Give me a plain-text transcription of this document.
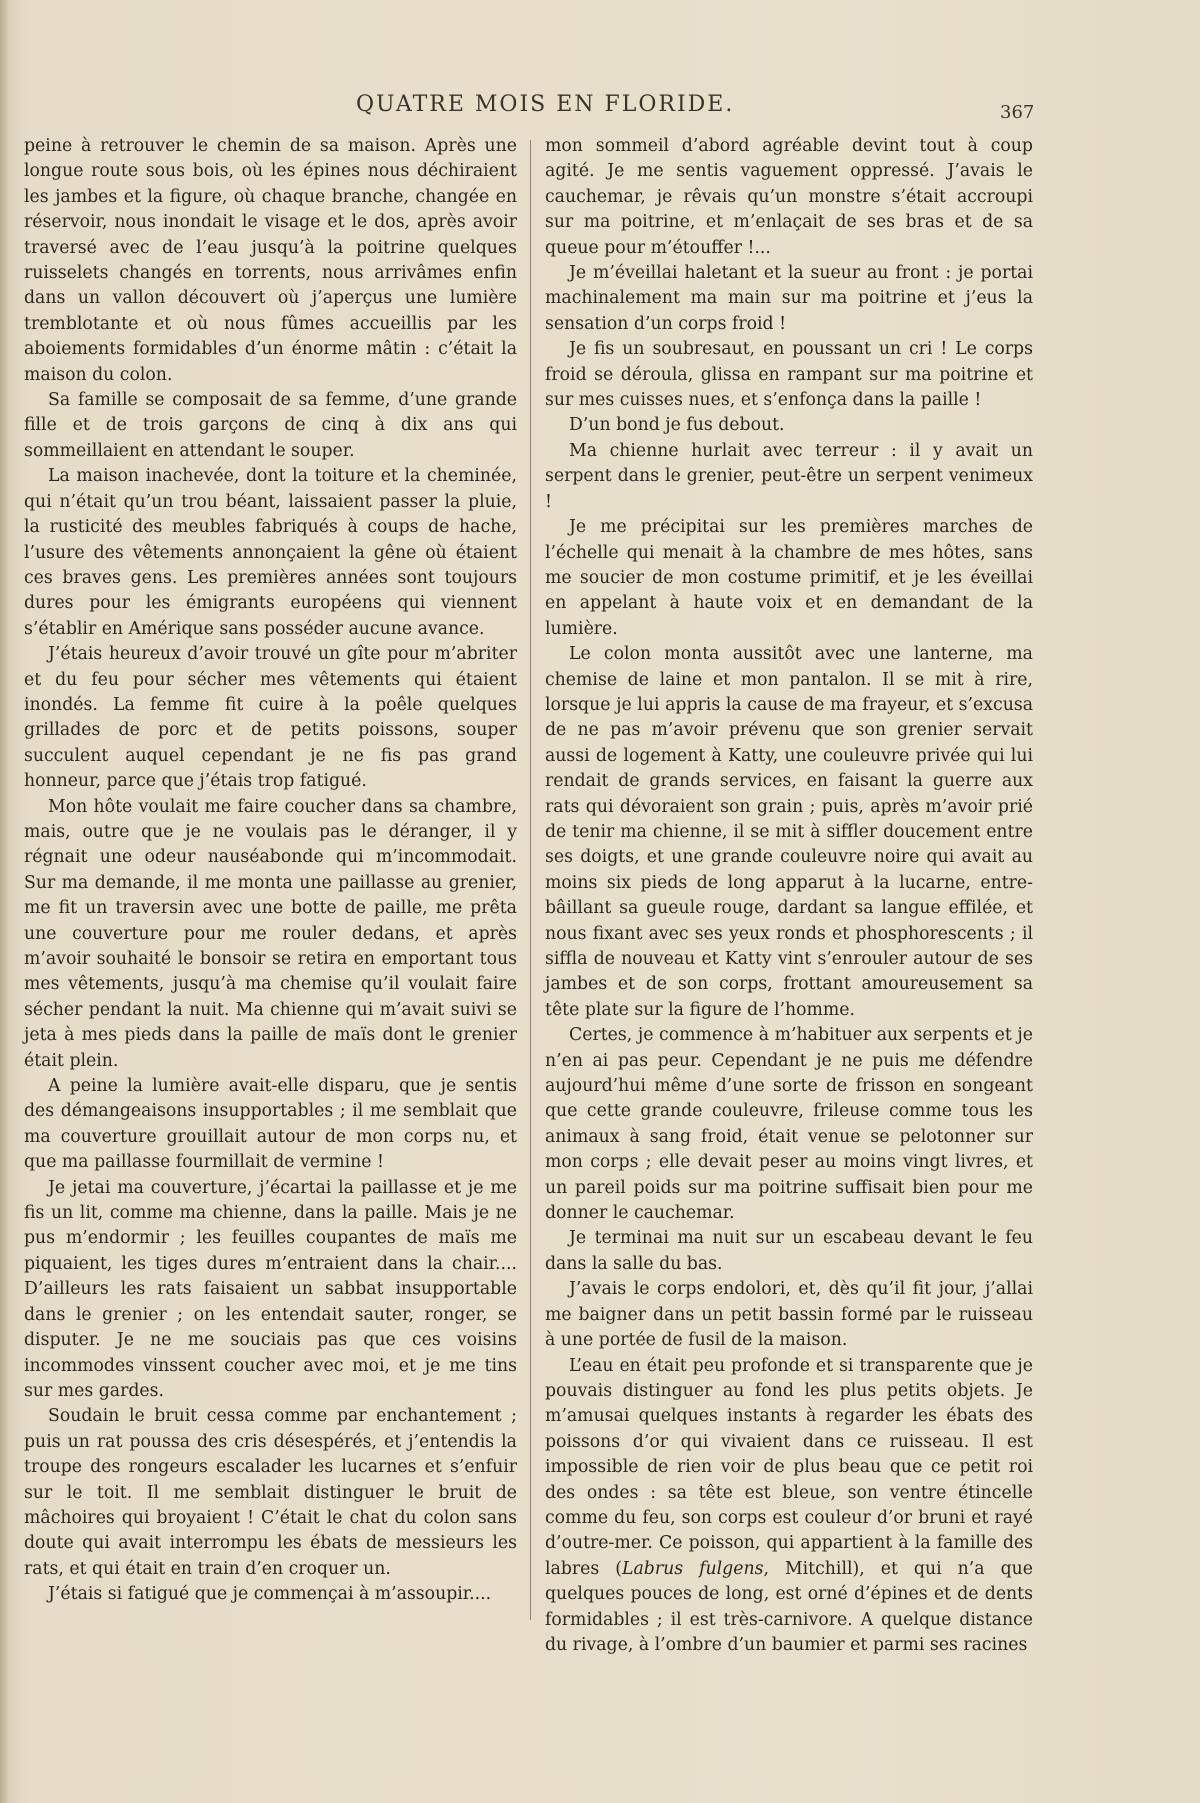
QUATRE MOIS EN FLORIDE.	367

peine à retrouver le chemin de sa maison. Après une longue route sous bois, où les épines nous déchiraient les jambes et la figure, où chaque branche, changée en réservoir, nous inondait le visage et le dos, après avoir traversé avec de l’eau jusqu’à la poitrine quelques ruisselets changés en torrents, nous arrivâmes enfin dans un vallon découvert où j’aperçus une lumière tremblotante et où nous fûmes accueillis par les aboiements formidables d’un énorme mâtin : c’était la maison du colon.

Sa famille se composait de sa femme, d’une grande fille et de trois garçons de cinq à dix ans qui sommeillaient en attendant le souper.

La maison inachevée, dont la toiture et la cheminée, qui n’était qu’un trou béant, laissaient passer la pluie, la rusticité des meubles fabriqués à coups de hache, l’usure des vêtements annonçaient la gêne où étaient ces braves gens. Les premières années sont toujours dures pour les émigrants européens qui viennent s’établir en Amérique sans posséder aucune avance.

J’étais heureux d’avoir trouvé un gîte pour m’abriter et du feu pour sécher mes vêtements qui étaient inondés. La femme fit cuire à la poêle quelques grillades de porc et de petits poissons, souper succulent auquel cependant je ne fis pas grand honneur, parce que j’étais trop fatigué.

Mon hôte voulait me faire coucher dans sa chambre, mais, outre que je ne voulais pas le déranger, il y régnait une odeur nauséabonde qui m’incommodait. Sur ma demande, il me monta une paillasse au grenier, me fit un traversin avec une botte de paille, me prêta une couverture pour me rouler dedans, et après m’avoir souhaité le bonsoir se retira en emportant tous mes vêtements, jusqu’à ma chemise qu’il voulait faire sécher pendant la nuit. Ma chienne qui m’avait suivi se jeta à mes pieds dans la paille de maïs dont le grenier était plein.

A peine la lumière avait-elle disparu, que je sentis des démangeaisons insupportables ; il me semblait que ma couverture grouillait autour de mon corps nu, et que ma paillasse fourmillait de vermine !

Je jetai ma couverture, j’écartai la paillasse et je me fis un lit, comme ma chienne, dans la paille. Mais je ne pus m’endormir ; les feuilles coupantes de maïs me piquaient, les tiges dures m’entraient dans la chair.... D’ailleurs les rats faisaient un sabbat insupportable dans le grenier ; on les entendait sauter, ronger, se disputer. Je ne me souciais pas que ces voisins incommodes vinssent coucher avec moi, et je me tins sur mes gardes.

Soudain le bruit cessa comme par enchantement ; puis un rat poussa des cris désespérés, et j’entendis la troupe des rongeurs escalader les lucarnes et s’enfuir sur le toit. Il me semblait distinguer le bruit de mâchoires qui broyaient ! C’était le chat du colon sans doute qui avait interrompu les ébats de messieurs les rats, et qui était en train d’en croquer un.

J’étais si fatigué que je commençai à m’assoupir....

mon sommeil d’abord agréable devint tout à coup agité. Je me sentis vaguement oppressé. J’avais le cauchemar, je rêvais qu’un monstre s’était accroupi sur ma poitrine, et m’enlaçait de ses bras et de sa queue pour m’étouffer !...

Je m’éveillai haletant et la sueur au front : je portai machinalement ma main sur ma poitrine et j’eus la sensation d’un corps froid !

Je fis un soubresaut, en poussant un cri ! Le corps froid se déroula, glissa en rampant sur ma poitrine et sur mes cuisses nues, et s’enfonça dans la paille !

D’un bond je fus debout.

Ma chienne hurlait avec terreur : il y avait un serpent dans le grenier, peut-être un serpent venimeux !

Je me précipitai sur les premières marches de l’échelle qui menait à la chambre de mes hôtes, sans me soucier de mon costume primitif, et je les éveillai en appelant à haute voix et en demandant de la lumière.

Le colon monta aussitôt avec une lanterne, ma chemise de laine et mon pantalon. Il se mit à rire, lorsque je lui appris la cause de ma frayeur, et s’excusa de ne pas m’avoir prévenu que son grenier servait aussi de logement à Katty, une couleuvre privée qui lui rendait de grands services, en faisant la guerre aux rats qui dévoraient son grain ; puis, après m’avoir prié de tenir ma chienne, il se mit à siffler doucement entre ses doigts, et une grande couleuvre noire qui avait au moins six pieds de long apparut à la lucarne, entre-bâillant sa gueule rouge, dardant sa langue effilée, et nous fixant avec ses yeux ronds et phosphorescents ; il siffla de nouveau et Katty vint s’enrouler autour de ses jambes et de son corps, frottant amoureusement sa tête plate sur la figure de l’homme.

Certes, je commence à m’habituer aux serpents et je n’en ai pas peur. Cependant je ne puis me défendre aujourd’hui même d’une sorte de frisson en songeant que cette grande couleuvre, frileuse comme tous les animaux à sang froid, était venue se pelotonner sur mon corps ; elle devait peser au moins vingt livres, et un pareil poids sur ma poitrine suffisait bien pour me donner le cauchemar.

Je terminai ma nuit sur un escabeau devant le feu dans la salle du bas.

J’avais le corps endolori, et, dès qu’il fit jour, j’allai me baigner dans un petit bassin formé par le ruisseau à une portée de fusil de la maison.

L’eau en était peu profonde et si transparente que je pouvais distinguer au fond les plus petits objets. Je m’amusai quelques instants à regarder les ébats des poissons d’or qui vivaient dans ce ruisseau. Il est impossible de rien voir de plus beau que ce petit roi des ondes : sa tête est bleue, son ventre étincelle comme du feu, son corps est couleur d’or bruni et rayé d’outre-mer. Ce poisson, qui appartient à la famille des labres (Labrus fulgens, Mitchill), et qui n’a que quelques pouces de long, est orné d’épines et de dents formidables ; il est très-carnivore. A quelque distance du rivage, à l’ombre d’un baumier et parmi ses racines
